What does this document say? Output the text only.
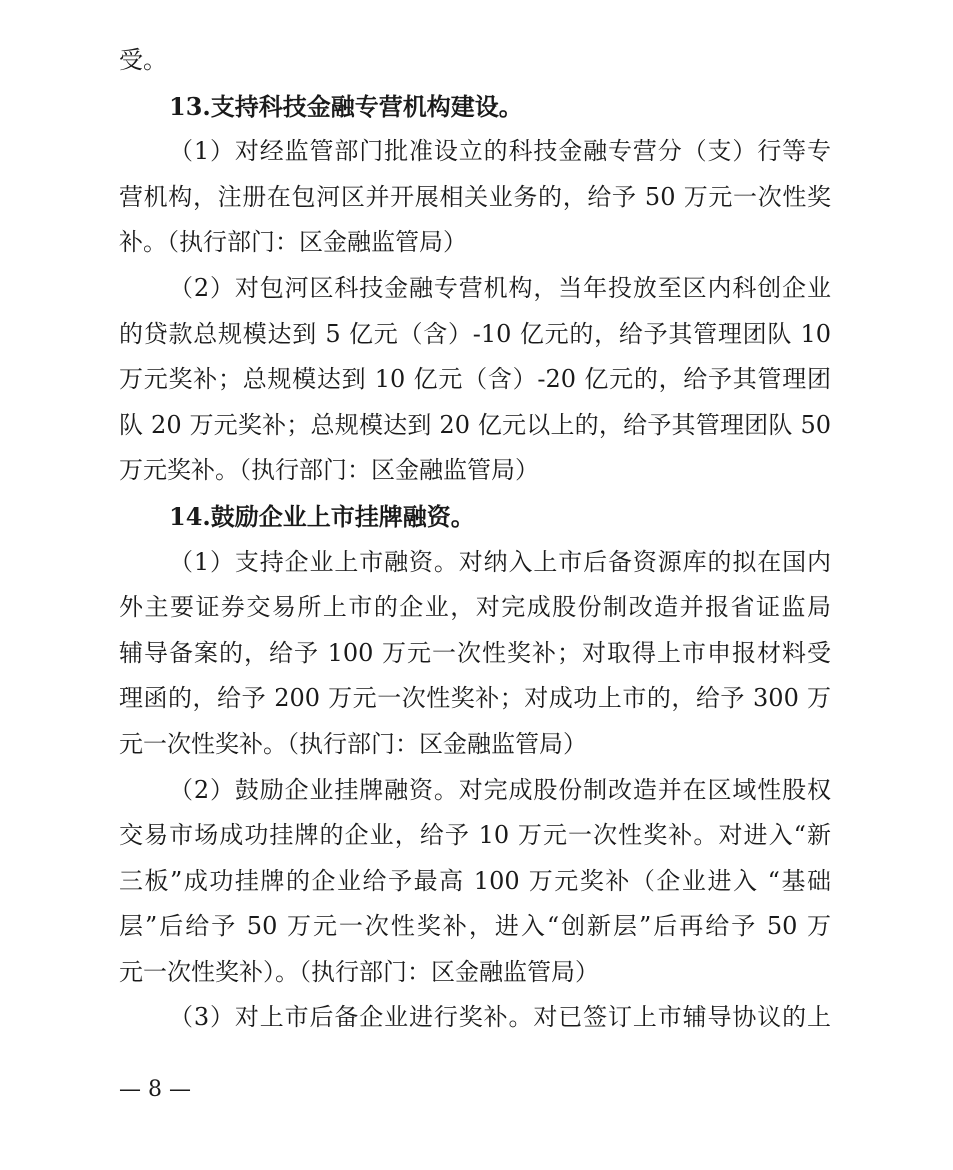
受。
13.支持科技金融专营机构建设。
（1）对经监管部门批准设立的科技金融专营分（支）行等专
营机构，注册在包河区并开展相关业务的，给予 50 万元一次性奖
补。（执行部门：区金融监管局）
（2）对包河区科技金融专营机构，当年投放至区内科创企业
的贷款总规模达到 5 亿元（含）-10 亿元的，给予其管理团队 10
万元奖补；总规模达到 10 亿元（含）-20 亿元的，给予其管理团
队 20 万元奖补；总规模达到 20 亿元以上的，给予其管理团队 50
万元奖补。（执行部门：区金融监管局）
14.鼓励企业上市挂牌融资。
（1）支持企业上市融资。对纳入上市后备资源库的拟在国内
外主要证券交易所上市的企业，对完成股份制改造并报省证监局
辅导备案的，给予 100 万元一次性奖补；对取得上市申报材料受
理函的，给予 200 万元一次性奖补；对成功上市的，给予 300 万
元一次性奖补。（执行部门：区金融监管局）
（2）鼓励企业挂牌融资。对完成股份制改造并在区域性股权
交易市场成功挂牌的企业，给予 10 万元一次性奖补。对进入“新
三板”成功挂牌的企业给予最高 100 万元奖补（企业进入 “基础
层”后给予 50 万元一次性奖补，进入“创新层”后再给予 50 万
元一次性奖补）。（执行部门：区金融监管局）
（3）对上市后备企业进行奖补。对已签订上市辅导协议的上
— 8 —
